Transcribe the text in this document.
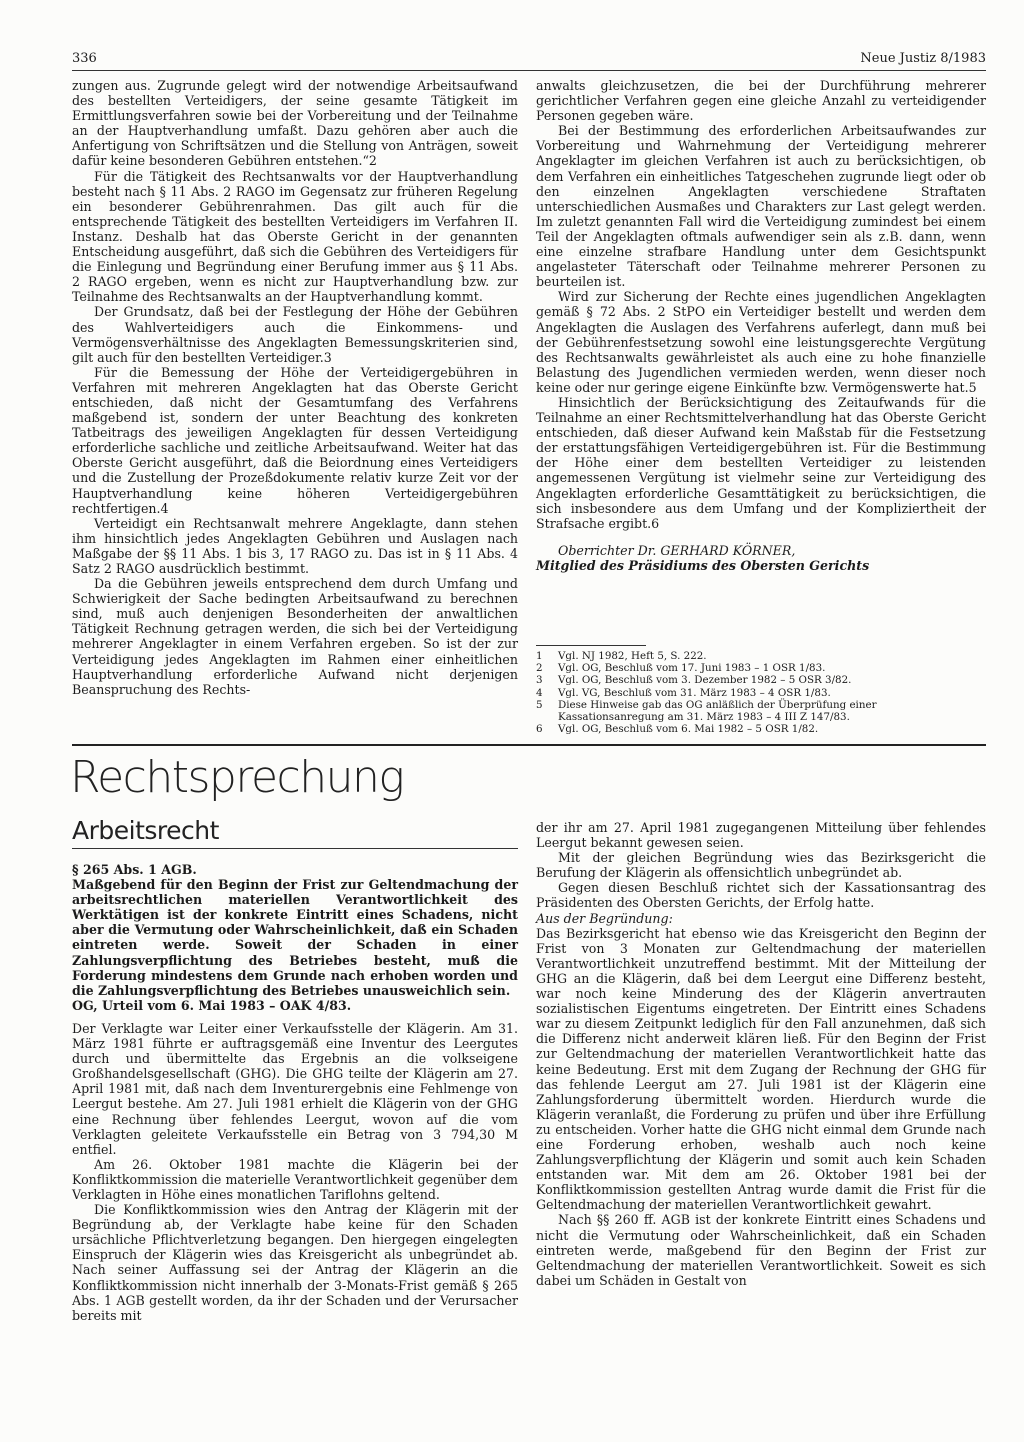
336	Neue Justiz 8/1983

zungen aus. Zugrunde gelegt wird der notwendige Arbeitsaufwand des bestellten Verteidigers, der seine gesamte Tätigkeit im Ermittlungsverfahren sowie bei der Vorbereitung und der Teilnahme an der Hauptverhandlung umfaßt. Dazu gehören aber auch die Anfertigung von Schriftsätzen und die Stellung von Anträgen, soweit dafür keine besonderen Gebühren entstehen.“2

Für die Tätigkeit des Rechtsanwalts vor der Hauptverhandlung besteht nach § 11 Abs. 2 RAGO im Gegensatz zur früheren Regelung ein besonderer Gebührenrahmen. Das gilt auch für die entsprechende Tätigkeit des bestellten Verteidigers im Verfahren II. Instanz. Deshalb hat das Oberste Gericht in der genannten Entscheidung ausgeführt, daß sich die Gebühren des Verteidigers für die Einlegung und Begründung einer Berufung immer aus § 11 Abs. 2 RAGO ergeben, wenn es nicht zur Hauptverhandlung bzw. zur Teilnahme des Rechtsanwalts an der Hauptverhandlung kommt.

Der Grundsatz, daß bei der Festlegung der Höhe der Gebühren des Wahlverteidigers auch die Einkommens- und Vermögensverhältnisse des Angeklagten Bemessungskriterien sind, gilt auch für den bestellten Verteidiger.3

Für die Bemessung der Höhe der Verteidigergebühren in Verfahren mit mehreren Angeklagten hat das Oberste Gericht entschieden, daß nicht der Gesamtumfang des Verfahrens maßgebend ist, sondern der unter Beachtung des konkreten Tatbeitrags des jeweiligen Angeklagten für dessen Verteidigung erforderliche sachliche und zeitliche Arbeitsaufwand. Weiter hat das Oberste Gericht ausgeführt, daß die Beiordnung eines Verteidigers und die Zustellung der Prozeßdokumente relativ kurze Zeit vor der Hauptverhandlung keine höheren Verteidigergebühren rechtfertigen.4

Verteidigt ein Rechtsanwalt mehrere Angeklagte, dann stehen ihm hinsichtlich jedes Angeklagten Gebühren und Auslagen nach Maßgabe der §§ 11 Abs. 1 bis 3, 17 RAGO zu. Das ist in § 11 Abs. 4 Satz 2 RAGO ausdrücklich bestimmt.

Da die Gebühren jeweils entsprechend dem durch Umfang und Schwierigkeit der Sache bedingten Arbeitsaufwand zu berechnen sind, muß auch denjenigen Besonderheiten der anwaltlichen Tätigkeit Rechnung getragen werden, die sich bei der Verteidigung mehrerer Angeklagter in einem Verfahren ergeben. So ist der zur Verteidigung jedes Angeklagten im Rahmen einer einheitlichen Hauptverhandlung erforderliche Aufwand nicht derjenigen Beanspruchung des Rechts-

anwalts gleichzusetzen, die bei der Durchführung mehrerer gerichtlicher Verfahren gegen eine gleiche Anzahl zu verteidigender Personen gegeben wäre.

Bei der Bestimmung des erforderlichen Arbeitsaufwandes zur Vorbereitung und Wahrnehmung der Verteidigung mehrerer Angeklagter im gleichen Verfahren ist auch zu berücksichtigen, ob dem Verfahren ein einheitliches Tatgeschehen zugrunde liegt oder ob den einzelnen Angeklagten verschiedene Straftaten unterschiedlichen Ausmaßes und Charakters zur Last gelegt werden. Im zuletzt genannten Fall wird die Verteidigung zumindest bei einem Teil der Angeklagten oftmals aufwendiger sein als z.B. dann, wenn eine einzelne strafbare Handlung unter dem Gesichtspunkt angelasteter Täterschaft oder Teilnahme mehrerer Personen zu beurteilen ist.

Wird zur Sicherung der Rechte eines jugendlichen Angeklagten gemäß § 72 Abs. 2 StPO ein Verteidiger bestellt und werden dem Angeklagten die Auslagen des Verfahrens auferlegt, dann muß bei der Gebührenfestsetzung sowohl eine leistungsgerechte Vergütung des Rechtsanwalts gewährleistet als auch eine zu hohe finanzielle Belastung des Jugendlichen vermieden werden, wenn dieser noch keine oder nur geringe eigene Einkünfte bzw. Vermögenswerte hat.5

Hinsichtlich der Berücksichtigung des Zeitaufwands für die Teilnahme an einer Rechtsmittelverhandlung hat das Oberste Gericht entschieden, daß dieser Aufwand kein Maßstab für die Festsetzung der erstattungsfähigen Verteidigergebühren ist. Für die Bestimmung der Höhe einer dem bestellten Verteidiger zu leistenden angemessenen Vergütung ist vielmehr seine zur Verteidigung des Angeklagten erforderliche Gesamttätigkeit zu berücksichtigen, die sich insbesondere aus dem Umfang und der Kompliziertheit der Strafsache ergibt.6

Oberrichter Dr. GERHARD KÖRNER,
Mitglied des Präsidiums des Obersten Gerichts

1	Vgl. NJ 1982, Heft 5, S. 222.
2	Vgl. OG, Beschluß vom 17. Juni 1983 – 1 OSR 1/83.
3	Vgl. OG, Beschluß vom 3. Dezember 1982 – 5 OSR 3/82.
4	Vgl. VG, Beschluß vom 31. März 1983 – 4 OSR 1/83.
5	Diese Hinweise gab das OG anläßlich der Überprüfung einer Kassationsanregung am 31. März 1983 – 4 III Z 147/83.
6	Vgl. OG, Beschluß vom 6. Mai 1982 – 5 OSR 1/82.
Rechtsprechung
Arbeitsrecht

§ 265 Abs. 1 AGB.

Maßgebend für den Beginn der Frist zur Geltendmachung der arbeitsrechtlichen materiellen Verantwortlichkeit des Werktätigen ist der konkrete Eintritt eines Schadens, nicht aber die Vermutung oder Wahrscheinlichkeit, daß ein Schaden eintreten werde. Soweit der Schaden in einer Zahlungsverpflichtung des Betriebes besteht, muß die Forderung mindestens dem Grunde nach erhoben worden und die Zahlungsverpflichtung des Betriebes unausweichlich sein.

OG, Urteil vom 6. Mai 1983 – OAK 4/83.

Der Verklagte war Leiter einer Verkaufsstelle der Klägerin. Am 31. März 1981 führte er auftragsgemäß eine Inventur des Leergutes durch und übermittelte das Ergebnis an die volkseigene Großhandelsgesellschaft (GHG). Die GHG teilte der Klägerin am 27. April 1981 mit, daß nach dem Inventurergebnis eine Fehlmenge von Leergut bestehe. Am 27. Juli 1981 erhielt die Klägerin von der GHG eine Rechnung über fehlendes Leergut, wovon auf die vom Verklagten geleitete Verkaufsstelle ein Betrag von 3 794,30 M entfiel.

Am 26. Oktober 1981 machte die Klägerin bei der Konfliktkommission die materielle Verantwortlichkeit gegenüber dem Verklagten in Höhe eines monatlichen Tariflohns geltend.

Die Konfliktkommission wies den Antrag der Klägerin mit der Begründung ab, der Verklagte habe keine für den Schaden ursächliche Pflichtverletzung begangen. Den hiergegen eingelegten Einspruch der Klägerin wies das Kreisgericht als unbegründet ab. Nach seiner Auffassung sei der Antrag der Klägerin an die Konfliktkommission nicht innerhalb der 3-Monats-Frist gemäß § 265 Abs. 1 AGB gestellt worden, da ihr der Schaden und der Verursacher bereits mit

der ihr am 27. April 1981 zugegangenen Mitteilung über fehlendes Leergut bekannt gewesen seien.

Mit der gleichen Begründung wies das Bezirksgericht die Berufung der Klägerin als offensichtlich unbegründet ab.

Gegen diesen Beschluß richtet sich der Kassationsantrag des Präsidenten des Obersten Gerichts, der Erfolg hatte.

Aus der Begründung:

Das Bezirksgericht hat ebenso wie das Kreisgericht den Beginn der Frist von 3 Monaten zur Geltendmachung der materiellen Verantwortlichkeit unzutreffend bestimmt. Mit der Mitteilung der GHG an die Klägerin, daß bei dem Leergut eine Differenz besteht, war noch keine Minderung des der Klägerin anvertrauten sozialistischen Eigentums eingetreten. Der Eintritt eines Schadens war zu diesem Zeitpunkt lediglich für den Fall anzunehmen, daß sich die Differenz nicht anderweit klären ließ. Für den Beginn der Frist zur Geltendmachung der materiellen Verantwortlichkeit hatte das keine Bedeutung. Erst mit dem Zugang der Rechnung der GHG für das fehlende Leergut am 27. Juli 1981 ist der Klägerin eine Zahlungsforderung übermittelt worden. Hierdurch wurde die Klägerin veranlaßt, die Forderung zu prüfen und über ihre Erfüllung zu entscheiden. Vorher hatte die GHG nicht einmal dem Grunde nach eine Forderung erhoben, weshalb auch noch keine Zahlungsverpflichtung der Klägerin und somit auch kein Schaden entstanden war. Mit dem am 26. Oktober 1981 bei der Konfliktkommission gestellten Antrag wurde damit die Frist für die Geltendmachung der materiellen Verantwortlichkeit gewahrt.

Nach §§ 260 ff. AGB ist der konkrete Eintritt eines Schadens und nicht die Vermutung oder Wahrscheinlichkeit, daß ein Schaden eintreten werde, maßgebend für den Beginn der Frist zur Geltendmachung der materiellen Verantwortlichkeit. Soweit es sich dabei um Schäden in Gestalt von
